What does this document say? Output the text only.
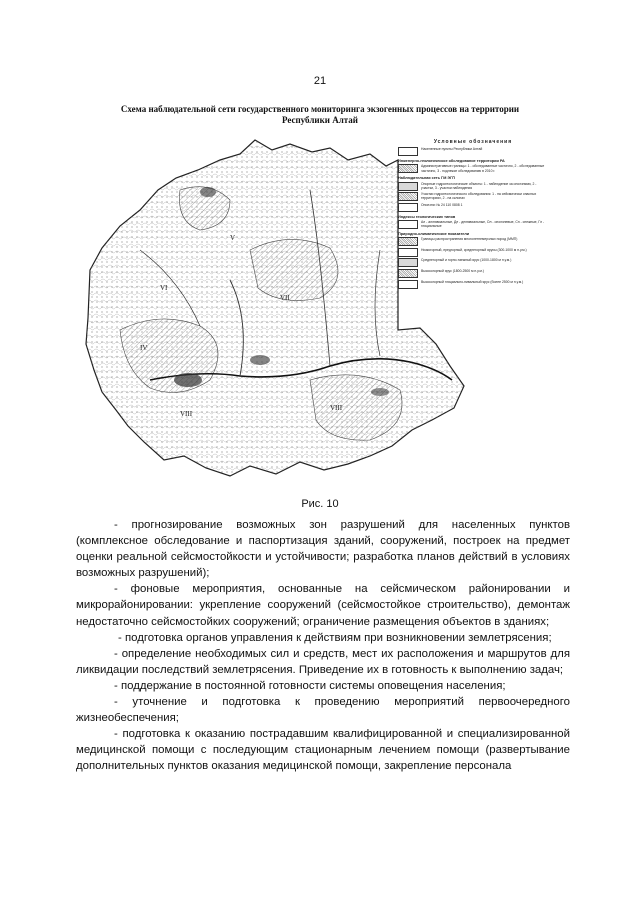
21
Схема наблюдательной сети государственного мониторинга экзогенных процессов на территории Республики Алтай
VI
VII
VIII
VIII
V
IV
Условные обозначения
Населенные пункты Республики Алтай
Инженерно-геологическое обследование территории РА
Административные границы: 1 - обследованные частично, 2 - обследованные частично, 3 - подлежат обследованию в 2010 г.
Наблюдательная сеть ГМ ЭГП
Опорные гидрогеологические объекты: 1 - наблюдение за оползнями, 2 - участки, 3 - участки наблюдения
Участки гидрогеологического обследования: 1 - на сейсмически опасных территориях, 2 - на склонах
Оползни: № 24 110 0808 1
Индексы геологических типов
Ал - аллювиальные, Де - делювиальные, Ол - оползневые, Сн - снежные, Гл - гляциальные
Природно-климатические показатели
Границы распространения многолетнемерзлых пород (ММП)
Низкогорный, предгорный, среднегорный ярусы (300-1000 м н.у.м.)
Среднегорный и горно-таежный ярус (1000-1800 м н.у.м.)
Высокогорный ярус (1800-2500 м н.у.м.)
Высокогорный гляциально-нивальный ярус (более 2500 м н.у.м.)
Рис. 10

- прогнозирование возможных зон разрушений для населенных пунктов (комплексное обследование и паспортизация зданий, сооружений, построек на предмет оценки реальной сейсмостойкости и устойчивости; разработка планов действий в условиях возможных разрушений);

- фоновые мероприятия, основанные на сейсмическом районировании и микрорайонировании: укрепление сооружений (сейсмостойкое строительство), демонтаж недостаточно сейсмостойких сооружений; ограничение размещения объектов в зданиях;

- подготовка органов управления к действиям при возникновении землетрясения;

- определение необходимых сил и средств, мест их расположения и маршрутов для ликвидации последствий землетрясения. Приведение их в готовность к выполнению задач;

- поддержание в постоянной готовности системы оповещения населения;

- уточнение и подготовка к проведению мероприятий первоочередного жизнеобеспечения;

- подготовка к оказанию пострадавшим квалифицированной и специализированной медицинской помощи с последующим стационарным лечением помощи (развертывание дополнительных пунктов оказания медицинской помощи, закрепление персонала
